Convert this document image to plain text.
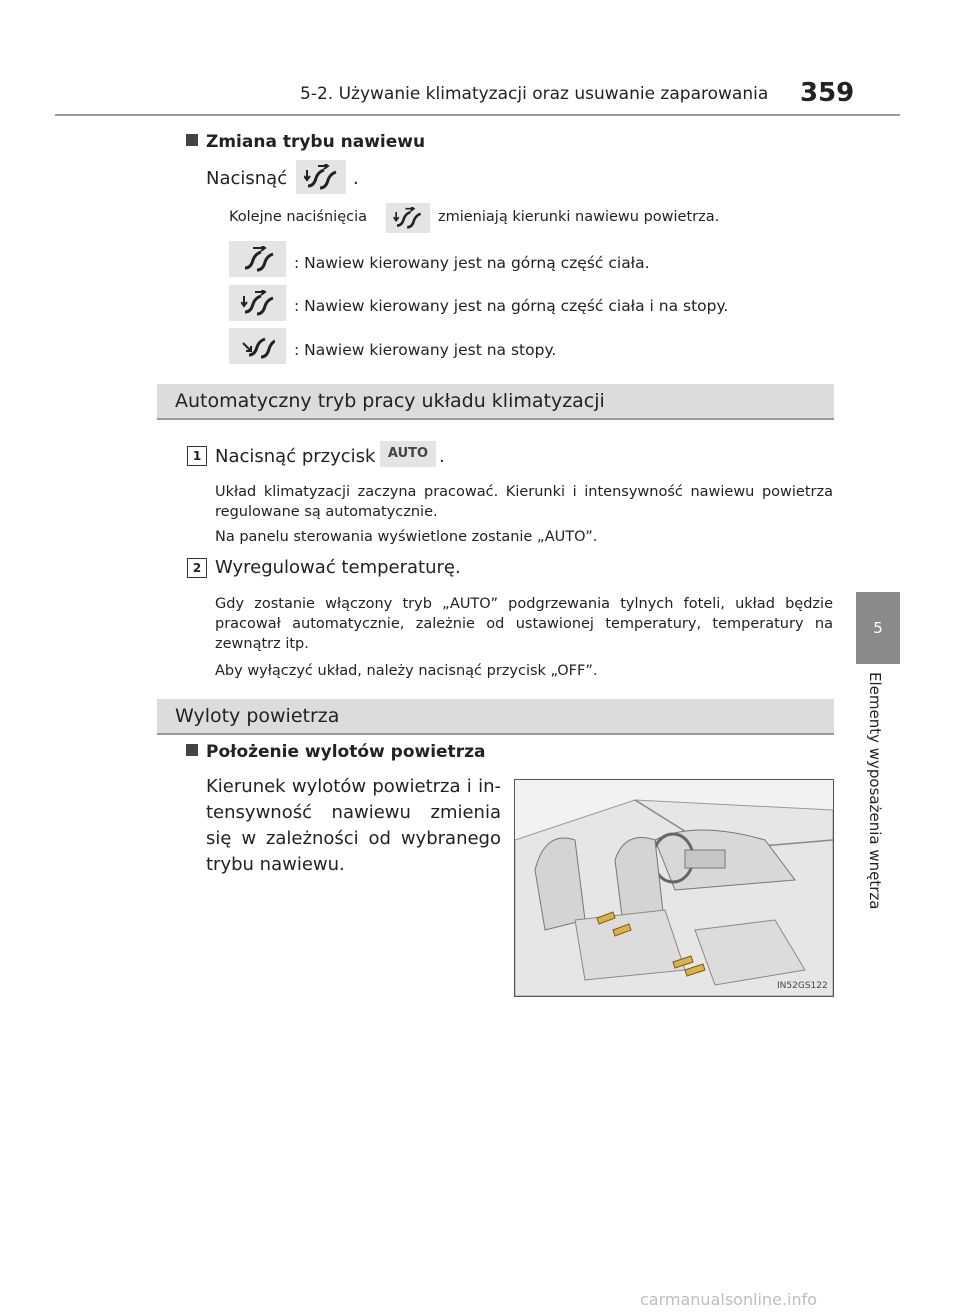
5-2. Używanie klimatyzacji oraz usuwanie zaparowania 359
5
Elementy wyposażenia wnętrza
Zmiana trybu nawiewu
Nacisnąć	.
Kolejne naciśnięcia	zmieniają kierunki nawiewu powietrza.
: Nawiew kierowany jest na górną część ciała.
: Nawiew kierowany jest na górną część ciała i na stopy.
: Nawiew kierowany jest na stopy.
Automatyczny tryb pracy układu klimatyzacji
1 Nacisnąć przycisk AUTO .
Układ klimatyzacji zaczyna pracować. Kierunki i intensywność nawiewu powietrza regulowane są automatycznie.
Na panelu sterowania wyświetlone zostanie „AUTO”.
2 Wyregulować temperaturę.
Gdy zostanie włączony tryb „AUTO” podgrzewania tylnych foteli, układ będzie pracował automatycznie, zależnie od ustawionej temperatury, temperatury na zewnątrz itp.
Aby wyłączyć układ, należy nacisnąć przycisk „OFF”.
Wyloty powietrza
Położenie wylotów powietrza
Kierunek wylotów powietrza i in-tensywność nawiewu zmienia się w zależności od wybranego trybu nawiewu.
IN52GS122
carmanualsonline.info
